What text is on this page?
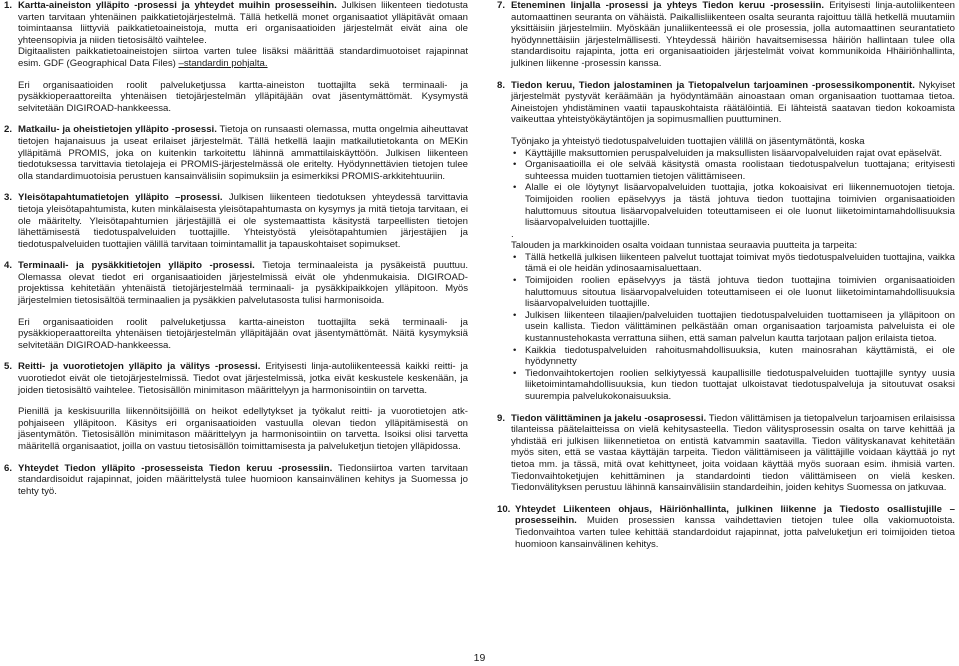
1. Kartta-aineiston ylläpito -prosessi ja yhteydet muihin prosesseihin. Julkisen liikenteen tiedotusta varten tarvitaan yhtenäinen paikkatietojärjestelmä. Tällä hetkellä monet organisaatiot ylläpitävät omaan toimintaansa liittyviä paikkatietoaineistoja, mutta eri organisaatioiden järjestelmät eivät aina ole yhteensopivia ja niiden tietosisältö vaihtelee.

Digitaalisten paikkatietoaineistojen siirtoa varten tulee lisäksi määrittää standardimuotoiset rajapinnat esim. GDF (Geographical Data Files) –standardin pohjalta.

Eri organisaatioiden roolit palveluketjussa kartta-aineiston tuottajilta sekä terminaali- ja pysäkkioperaattoreilta yhtenäisen tietojärjestelmän ylläpitäjään ovat jäsentymättömät. Kysymystä selvitetään DIGIROAD-hankkeessa.

2. Matkailu- ja oheistietojen ylläpito -prosessi. Tietoja on runsaasti olemassa, mutta ongelmia aiheuttavat tietojen hajanaisuus ja useat erilaiset järjestelmät. Tällä hetkellä laajin matkailutietokanta on MEKin ylläpitämä PROMIS, joka on kuitenkin tarkoitettu lähinnä ammattilaiskäyttöön. Julkisen liikenteen tiedotuksessa tarvittavia tietolajeja ei PROMIS-järjestelmässä ole eritelty. Hyödynnettävien tietojen tulee olla standardimuotoisia perustuen kansainvälisiin sopimuksiin ja esimerkiksi PROMIS-arkkitehtuuriin.
3. Yleisötapahtumatietojen ylläpito –prosessi. Julkisen liikenteen tiedotuksen yhteydessä tarvittavia tietoja yleisötapahtumista, kuten minkälaisesta yleisötapahtumasta on kysymys ja mitä tietoja tarvitaan, ei ole määritelty. Yleisötapahtumien järjestäjillä ei ole systemaattista käsitystä tarpeellisten tietojen lähettämisestä tiedotuspalveluiden tuottajille. Yhteistyöstä yleisötapahtumien järjestäjien ja tiedotuspalveluiden tuottajien välillä tarvitaan toimintamallit ja tapauskohtaiset sopimukset.
4. Terminaali- ja pysäkkitietojen ylläpito -prosessi. Tietoja terminaaleista ja pysäkeistä puuttuu. Olemassa olevat tiedot eri organisaatioiden järjestelmissä eivät ole yhdenmukaisia. DIGIROAD-projektissa kehitetään yhtenäistä tietojärjestelmää terminaali- ja pysäkkipaikkojen ylläpitoon. Myös järjestelmien tietosisältöä terminaalien ja pysäkkien palvelutasosta tulisi harmonisoida.

Eri organisaatioiden roolit palveluketjussa kartta-aineiston tuottajilta sekä terminaali- ja pysäkkioperaattoreilta yhtenäisen tietojärjestelmän ylläpitäjään ovat jäsentymättömät. Näitä kysymyksiä selvitetään DIGIROAD-hankkeessa.

5. Reitti- ja vuorotietojen ylläpito ja välitys -prosessi. Erityisesti linja-autoliikenteessä kaikki reitti- ja vuorotiedot eivät ole tietojärjestelmissä. Tiedot ovat järjestelmissä, jotka eivät keskustele keskenään, ja joiden tietosisältö vaihtelee. Tietosisällön minimitason määrittelyyn ja harmonisointiin on tarvetta.

Pienillä ja keskisuurilla liikennöitsijöillä on heikot edellytykset ja työkalut reitti- ja vuorotietojen atk-pohjaiseen ylläpitoon. Käsitys eri organisaatioiden vastuulla olevan tiedon ylläpitämisestä on jäsentymätön. Tietosisällön minimitason määrittelyyn ja harmonisointiin on tarvetta. Isoiksi olisi tarvetta määritellä organisaatiot, joilla on vastuu tietosisällön toimittamisesta ja palveluketjun tietojen ylläpidossa.

6. Yhteydet Tiedon ylläpito -prosesseista Tiedon keruu -prosessiin. Tiedonsiirtoa varten tarvitaan standardisoidut rajapinnat, joiden määrittelystä tulee huomioon kansainvälinen kehitys ja Suomessa jo tehty työ.
7. Eteneminen linjalla -prosessi ja yhteys Tiedon keruu -prosessiin. Erityisesti linja-autoliikenteen automaattinen seuranta on vähäistä. Paikallisliikenteen osalta seuranta rajoittuu tällä hetkellä muutamiin yksittäisiin järjestelmiin. Myöskään junaliikenteessä ei ole prosessia, jolla automaattinen seurantatieto hyödynnettäisiin järjestelmällisesti. Yhteydessä häiriön havaitsemisessa häiriön hallintaan tulee olla standardisoitu rajapinta, jotta eri organisaatioiden järjestelmät voivat kommunikoida Hhäiriönhallinta, julkinen liikenne -prosessin kanssa.
8. Tiedon keruu, Tiedon jalostaminen ja Tietopalvelun tarjoaminen -prosessikomponentit. Nykyiset järjestelmät pystyvät keräämään ja hyödyntämään ainoastaan oman organisaation tuottamaa tietoa. Aineistojen yhdistäminen vaatii tapauskohtaista räätälöintiä. Ei lähteistä saatavan tiedon kokoamista vaikeuttaa yhteistyökäytäntöjen ja sopimusmallien puuttuminen.

Työnjako ja yhteistyö tiedotuspalveluiden tuottajien välillä on jäsentymätöntä, koska

• Käyttäjille maksuttomien peruspalveluiden ja maksullisten lisäarvopalveluiden rajat ovat epäselvät.
• Organisaatioilla ei ole selvää käsitystä omasta roolistaan tiedotuspalvelun tuottajana; erityisesti suhteessa muiden tuottamien tietojen välittämiseen.
• Alalle ei ole löytynyt lisäarvopalveluiden tuottajia, jotka kokoaisivat eri liikennemuotojen tietoja. Toimijoiden roolien epäselvyys ja tästä johtuva tiedon tuottajina toimivien organisaatioiden haluttomuus sitoutua lisäarvopalveluiden toteuttamiseen ei ole luonut liiketoimintamahdollisuuksia lisäarvopalveluiden tuottajille.

.

Talouden ja markkinoiden osalta voidaan tunnistaa seuraavia puutteita ja tarpeita:

• Tällä hetkellä julkisen liikenteen palvelut tuottajat toimivat myös tiedotuspalveluiden tuottajina, vaikka tämä ei ole heidän ydinosaamisaluettaan.
• Toimijoiden roolien epäselvyys ja tästä johtuva tiedon tuottajina toimivien organisaatioiden haluttomuus sitoutua lisäarvopalveluiden toteuttamiseen ei ole luonut liiketoimintamahdollisuuksia lisäarvopalveluiden tuottajille.
• Julkisen liikenteen tilaajien/palveluiden tuottajien tiedotuspalveluiden tuottamiseen ja ylläpitoon on usein kallista. Tiedon välittäminen pelkästään oman organisaation tarjoamista palveluista ei ole kustannustehokasta verrattuna siihen, että saman palvelun kautta tarjotaan paljon erilaista tietoa.
• Kaikkia tiedotuspalveluiden rahoitusmahdollisuuksia, kuten mainosrahan käyttämistä, ei ole hyödynnetty
• Tiedonvaihtokertojen roolien selkiytyessä kaupallisille tiedotuspalveluiden tuottajille syntyy uusia liiketoimintamahdollisuuksia, kun tiedon tuottajat ulkoistavat tiedotuspalveluja ja sitoutuvat osaksi suurempia palvelukokonaisuuksia.
9. Tiedon välittäminen ja jakelu -osaprosessi. Tiedon välittämisen ja tietopalvelun tarjoamisen erilaisissa tilanteissa päätelaitteissa on vielä kehitysasteella. Tiedon välitysprosessin osalta on tarve kehittää ja yhdistää eri julkisen liikennetietoa on entistä katvammin saatavilla. Tiedon välityskanavat kehitetään myös siten, että se vastaa käyttäjän tarpeita. Tiedon välittämiseen ja välittäjille voidaan käyttää jo nyt tietoa mm. ja tässä, mitä ovat kehittyneet, joita voidaan käyttää myös suoraan esim. ihmisiä varten. Tiedonvaihtoketjujen kehittäminen ja standardointi tiedon välittämiseen on vielä kesken. Tiedonvälityksen perustuu lähinnä kansainvälisiin standardeihin, joiden kehitys Suomessa on jatkuvaa.
10. Yhteydet Liikenteen ohjaus, Häiriönhallinta, julkinen liikenne ja Tiedosto osallistujille – prosesseihin. Muiden prosessien kanssa vaihdettavien tietojen tulee olla vakiomuotoista. Tiedonvaihtoa varten tulee kehittää standardoidut rajapinnat, jotta palveluketjun eri toimijoiden tietoa huomioon kansainvälinen kehitys.
19
